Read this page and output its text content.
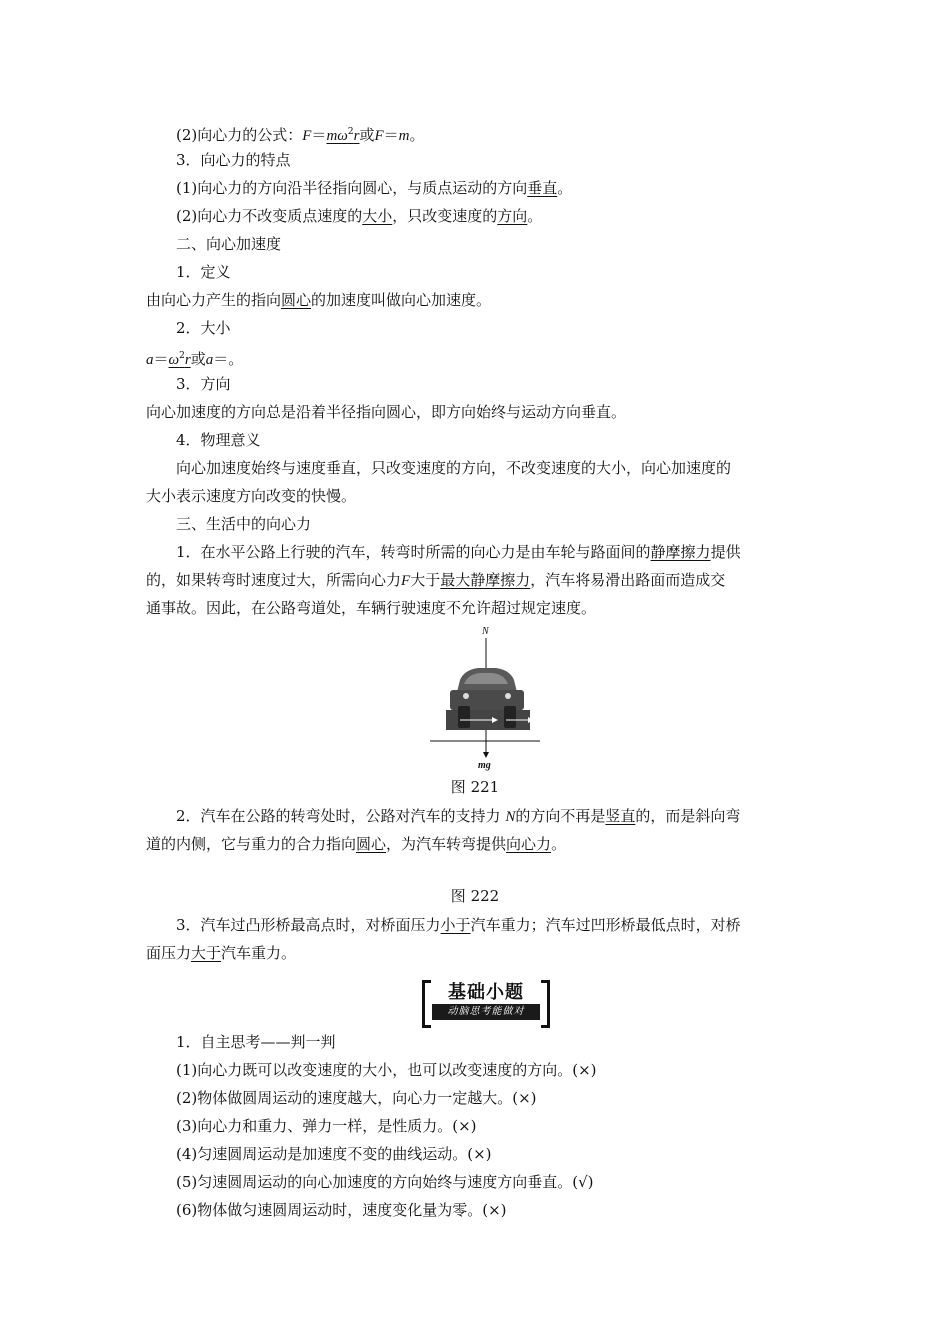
(2)向心力的公式：$F=m\omega^2r$或F＝m。
3．向心力的特点
(1)向心力的方向沿半径指向圆心，与质点运动的方向垂直。
(2)向心力不改变质点速度的大小，只改变速度的方向。
二、向心加速度
1．定义
由向心力产生的指向圆心的加速度叫做向心加速度。
2．大小
$a=\omega^2r$或a＝。
3．方向
向心加速度的方向总是沿着半径指向圆心，即方向始终与运动方向垂直。
4．物理意义
向心加速度始终与速度垂直，只改变速度的方向，不改变速度的大小，向心加速度的
大小表示速度方向改变的快慢。
三、生活中的向心力
1．在水平公路上行驶的汽车，转弯时所需的向心力是由车轮与路面间的静摩擦力提供
的，如果转弯时速度过大，所需向心力F大于最大静摩擦力，汽车将易滑出路面而造成交
通事故。因此，在公路弯道处，车辆行驶速度不允许超过规定速度。
N
mg
图 221
2．汽车在公路的转弯处时，公路对汽车的支持力 N的方向不再是竖直的，而是斜向弯
道的内侧，它与重力的合力指向圆心，为汽车转弯提供向心力。
图 222
3．汽车过凸形桥最高点时，对桥面压力小于汽车重力；汽车过凹形桥最低点时，对桥
面压力大于汽车重力。
基础小题
动脑思考能做对
1．自主思考——判一判
(1)向心力既可以改变速度的大小，也可以改变速度的方向。(×)
(2)物体做圆周运动的速度越大，向心力一定越大。(×)
(3)向心力和重力、弹力一样，是性质力。(×)
(4)匀速圆周运动是加速度不变的曲线运动。(×)
(5)匀速圆周运动的向心加速度的方向始终与速度方向垂直。(√)
(6)物体做匀速圆周运动时，速度变化量为零。(×)
